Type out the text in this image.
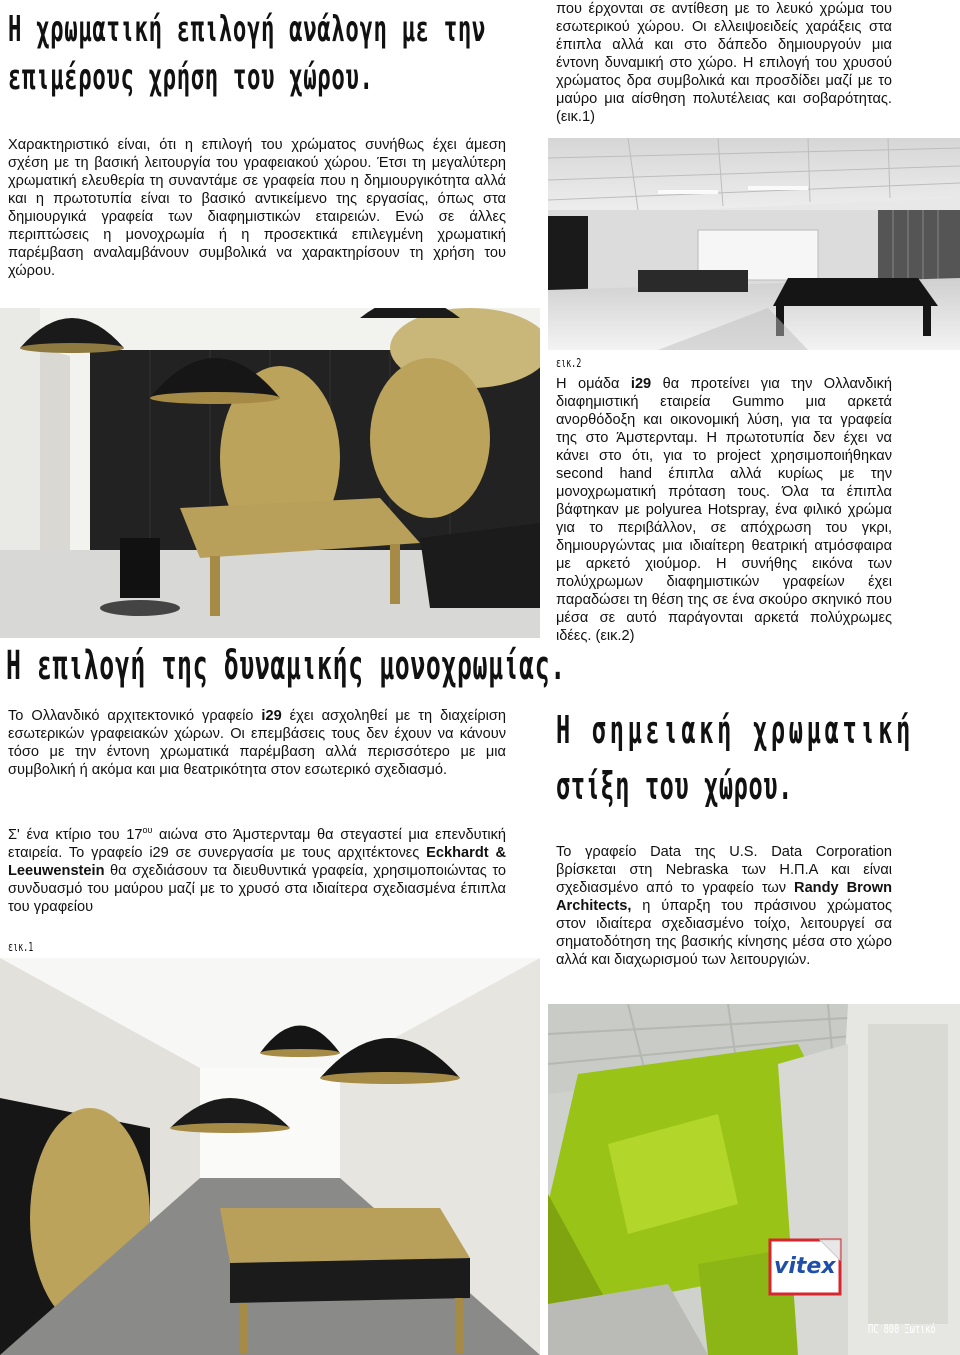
Η χρωματική επιλογή ανάλογη με την
επιμέρους χρήση του χώρου.
Χαρακτηριστικό είναι, ότι η επιλογή του χρώματος συνήθως έχει άμεση σχέση με τη βασική λειτουργία του γραφειακού χώρου. Έτσι τη μεγαλύτερη χρωματική ελευθερία τη συναντάμε σε γραφεία που η δημιουργικότητα αλλά και η πρωτοτυπία είναι το βασικό αντικείμενο της εργασίας, όπως στα δημιουργικά γραφεία των διαφημιστικών εταιρειών. Ενώ σε άλλες περιπτώσεις η μονοχρωμία ή η προσεκτικά επιλεγμένη χρωματική παρέμβαση αναλαμβάνουν συμβολικά να χαρακτηρίσουν τη χρήση του χώρου.
που έρχονται σε αντίθεση με το λευκό χρώμα του εσωτερικού χώρου. Οι ελλειψοειδείς χαράξεις στα έπιπλα αλλά και στο δάπεδο δημιουργούν μια έντονη δυναμική στο χώρο. Η επιλογή του χρυσού χρώματος δρα συμβολικά και προσδίδει μαζί με το μαύρο μια αίσθηση πολυτέλειας και σοβαρότητας. (εικ.1)
Η επιλογή της δυναμικής μονοχρωμίας.
Το Ολλανδικό αρχιτεκτονικό γραφείο i29 έχει ασχοληθεί με τη διαχείριση εσωτερικών γραφειακών χώρων. Οι επεμβάσεις τους δεν έχουν να κάνουν τόσο με την έντονη χρωματικά παρέμβαση αλλά περισσότερο με μια συμβολική ή ακόμα και μια θεατρικότητα στον εσωτερικό σχεδιασμό.
Σ' ένα κτίριο του $17^{o\upsilon}$ αιώνα στο Άμστερνταμ θα στεγαστεί μια επενδυτική εταιρεία. Το γραφείο i29 σε συνεργασία με τους αρχιτέκτονες Eckhardt & Leeuwenstein θα σχεδιάσουν τα διευθυντικά γραφεία, χρησιμοποιώντας το συνδυασμό του μαύρου μαζί με το χρυσό στα ιδιαίτερα σχεδιασμένα έπιπλα του γραφείου
εικ.1
εικ.2
Η ομάδα i29 θα προτείνει για την Ολλανδική διαφημιστική εταιρεία Gummo μια αρκετά ανορθόδοξη και οικονομική λύση, για τα γραφεία της στο Άμστερνταμ. Η πρωτοτυπία δεν έχει να κάνει στο ότι, για το project χρησιμοποιήθηκαν second hand έπιπλα αλλά κυρίως με την μονοχρωματική πρόταση τους. Όλα τα έπιπλα βάφτηκαν με polyurea Hotspray, ένα φιλικό χρώμα για το περιβάλλον, σε απόχρωση του γκρι, δημιουργώντας μια ιδιαίτερη θεατρική ατμόσφαιρα με αρκετό χιούμορ. Η συνήθης εικόνα των πολύχρωμων διαφημιστικών γραφείων έχει παραδώσει τη θέση της σε ένα σκούρο σκηνικό που μέσα σε αυτό παράγονται αρκετά πολύχρωμες ιδέες. (εικ.2)
Η σημειακή χρωματική
στίξη του χώρου.
Το γραφείο Data της U.S. Data Corporation βρίσκεται στη Nebraska των Η.Π.Α και είναι σχεδιασμένο από το γραφείο των Randy Brown Architects, η ύπαρξη του πράσινου χρώματος στον ιδιαίτερα σχεδιασμένο τοίχο, λειτουργεί σα σηματοδότηση της βασικής κίνησης μέσα στο χώρο αλλά και διαχωρισμού των λειτουργιών.
vitex
ΠC 800 Ξωτικό
